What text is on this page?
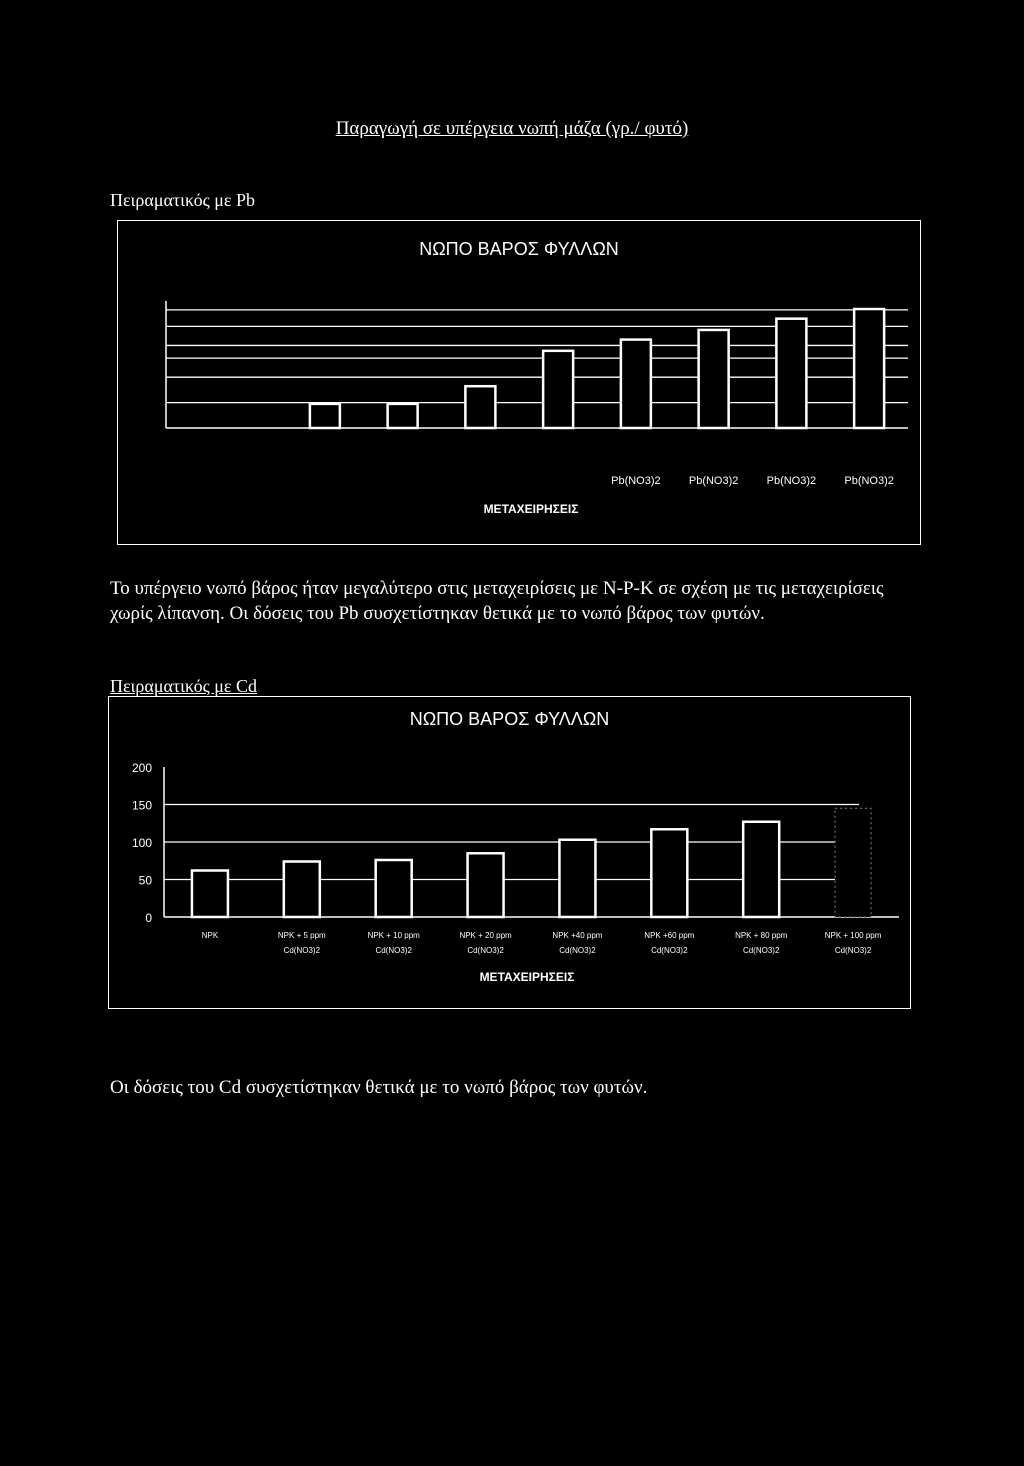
Παραγωγή σε υπέργεια νωπή μάζα (γρ./ φυτό)
Πειραματικός με Pb
ΝΩΠΟ ΒΑΡΟΣ ΦΥΛΛΩΝ
Pb(NO3)2	Pb(NO3)2	Pb(NO3)2	Pb(NO3)2
ΜΕΤΑΧΕΙΡΗΣΕΙΣ
Το υπέργειο νωπό βάρος ήταν μεγαλύτερο στις μεταχειρίσεις με N-P-K σε σχέση με τις μεταχειρίσεις χωρίς λίπανση. Οι δόσεις του Pb συσχετίστηκαν θετικά με το νωπό βάρος των φυτών.
Πειραματικός με Cd
ΝΩΠΟ ΒΑΡΟΣ ΦΥΛΛΩΝ
0
50
100
150
200
NPK	NPK + 5 ppm
Cd(NO3)2
NPK + 10 ppm
Cd(NO3)2
NPK + 20 ppm
Cd(NO3)2
NPK +40 ppm
Cd(NO3)2
NPK +60 ppm
Cd(NO3)2
NPK + 80 ppm
Cd(NO3)2
NPK + 100 ppm
Cd(NO3)2
ΜΕΤΑΧΕΙΡΗΣΕΙΣ
Οι δόσεις του Cd συσχετίστηκαν θετικά με το νωπό βάρος των φυτών.
